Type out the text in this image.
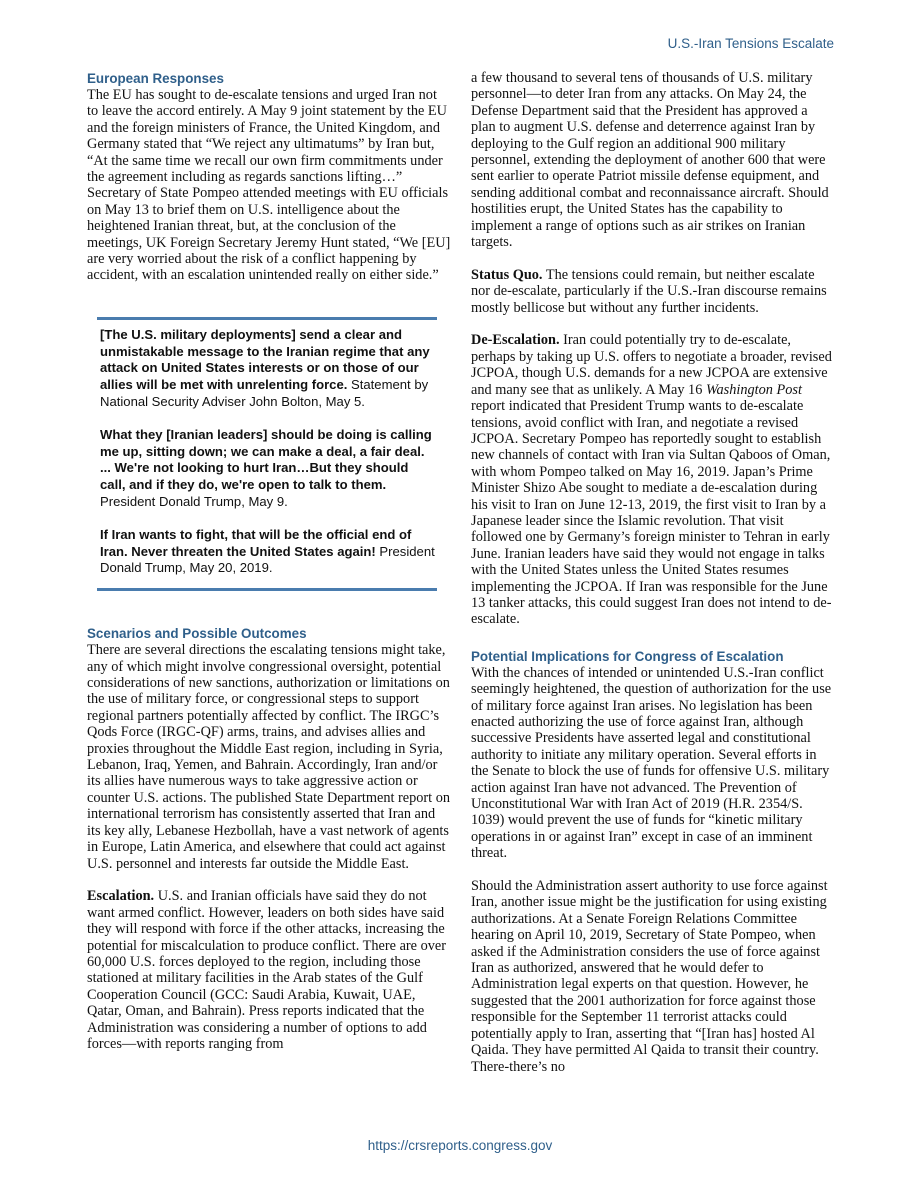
U.S.-Iran Tensions Escalate
European Responses

The EU has sought to de-escalate tensions and urged Iran not to leave the accord entirely. A May 9 joint statement by the EU and the foreign ministers of France, the United Kingdom, and Germany stated that “We reject any ultimatums” by Iran but, “At the same time we recall our own firm commitments under the agreement including as regards sanctions lifting…” Secretary of State Pompeo attended meetings with EU officials on May 13 to brief them on U.S. intelligence about the heightened Iranian threat, but, at the conclusion of the meetings, UK Foreign Secretary Jeremy Hunt stated, “We [EU] are very worried about the risk of a conflict happening by accident, with an escalation unintended really on either side.”

[The U.S. military deployments] send a clear and unmistakable message to the Iranian regime that any attack on United States interests or on those of our allies will be met with unrelenting force. Statement by National Security Adviser John Bolton, May 5.

What they [Iranian leaders] should be doing is calling me up, sitting down; we can make a deal, a fair deal. ... We're not looking to hurt Iran…But they should call, and if they do, we're open to talk to them. President Donald Trump, May 9.

If Iran wants to fight, that will be the official end of Iran. Never threaten the United States again! President Donald Trump, May 20, 2019.

Scenarios and Possible Outcomes

There are several directions the escalating tensions might take, any of which might involve congressional oversight, potential considerations of new sanctions, authorization or limitations on the use of military force, or congressional steps to support regional partners potentially affected by conflict. The IRGC’s Qods Force (IRGC-QF) arms, trains, and advises allies and proxies throughout the Middle East region, including in Syria, Lebanon, Iraq, Yemen, and Bahrain. Accordingly, Iran and/or its allies have numerous ways to take aggressive action or counter U.S. actions. The published State Department report on international terrorism has consistently asserted that Iran and its key ally, Lebanese Hezbollah, have a vast network of agents in Europe, Latin America, and elsewhere that could act against U.S. personnel and interests far outside the Middle East.

Escalation. U.S. and Iranian officials have said they do not want armed conflict. However, leaders on both sides have said they will respond with force if the other attacks, increasing the potential for miscalculation to produce conflict. There are over 60,000 U.S. forces deployed to the region, including those stationed at military facilities in the Arab states of the Gulf Cooperation Council (GCC: Saudi Arabia, Kuwait, UAE, Qatar, Oman, and Bahrain). Press reports indicated that the Administration was considering a number of options to add forces—with reports ranging from

a few thousand to several tens of thousands of U.S. military personnel—to deter Iran from any attacks. On May 24, the Defense Department said that the President has approved a plan to augment U.S. defense and deterrence against Iran by deploying to the Gulf region an additional 900 military personnel, extending the deployment of another 600 that were sent earlier to operate Patriot missile defense equipment, and sending additional combat and reconnaissance aircraft. Should hostilities erupt, the United States has the capability to implement a range of options such as air strikes on Iranian targets.

Status Quo. The tensions could remain, but neither escalate nor de-escalate, particularly if the U.S.-Iran discourse remains mostly bellicose but without any further incidents.

De-Escalation. Iran could potentially try to de-escalate, perhaps by taking up U.S. offers to negotiate a broader, revised JCPOA, though U.S. demands for a new JCPOA are extensive and many see that as unlikely. A May 16 Washington Post report indicated that President Trump wants to de-escalate tensions, avoid conflict with Iran, and negotiate a revised JCPOA. Secretary Pompeo has reportedly sought to establish new channels of contact with Iran via Sultan Qaboos of Oman, with whom Pompeo talked on May 16, 2019. Japan’s Prime Minister Shizo Abe sought to mediate a de-escalation during his visit to Iran on June 12-13, 2019, the first visit to Iran by a Japanese leader since the Islamic revolution. That visit followed one by Germany’s foreign minister to Tehran in early June. Iranian leaders have said they would not engage in talks with the United States unless the United States resumes implementing the JCPOA. If Iran was responsible for the June 13 tanker attacks, this could suggest Iran does not intend to de-escalate.

Potential Implications for Congress of Escalation

With the chances of intended or unintended U.S.-Iran conflict seemingly heightened, the question of authorization for the use of military force against Iran arises. No legislation has been enacted authorizing the use of force against Iran, although successive Presidents have asserted legal and constitutional authority to initiate any military operation. Several efforts in the Senate to block the use of funds for offensive U.S. military action against Iran have not advanced. The Prevention of Unconstitutional War with Iran Act of 2019 (H.R. 2354/S. 1039) would prevent the use of funds for “kinetic military operations in or against Iran” except in case of an imminent threat.

Should the Administration assert authority to use force against Iran, another issue might be the justification for using existing authorizations. At a Senate Foreign Relations Committee hearing on April 10, 2019, Secretary of State Pompeo, when asked if the Administration considers the use of force against Iran as authorized, answered that he would defer to Administration legal experts on that question. However, he suggested that the 2001 authorization for force against those responsible for the September 11 terrorist attacks could potentially apply to Iran, asserting that “[Iran has] hosted Al Qaida. They have permitted Al Qaida to transit their country. There-there’s no

https://crsreports.congress.gov
